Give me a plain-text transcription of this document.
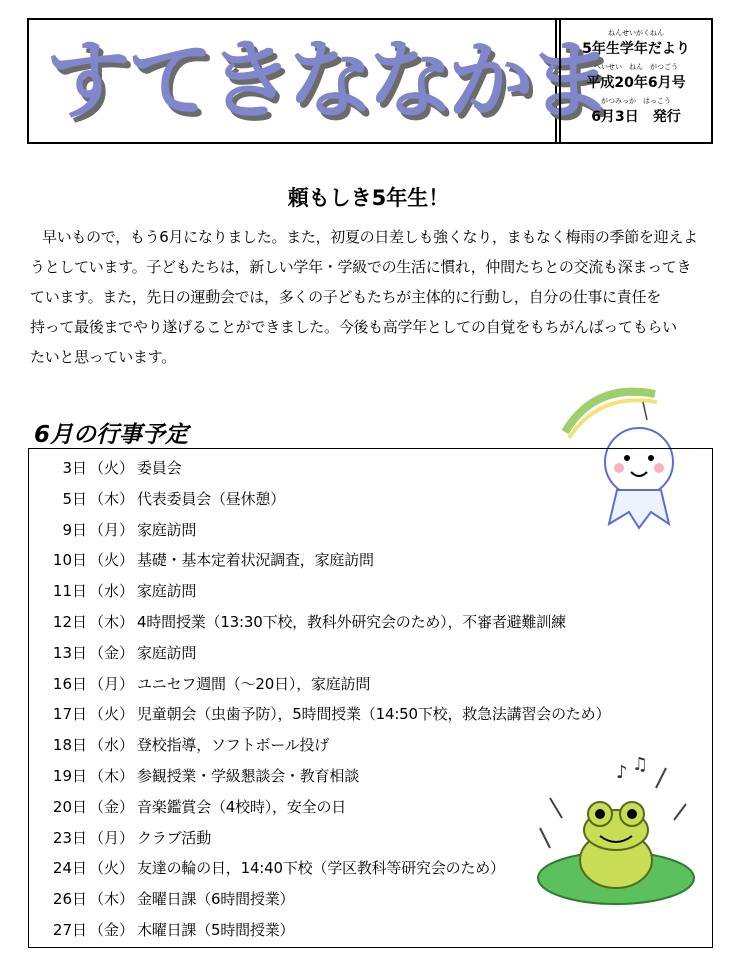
すてきななかま ねんせいがくねん
5年生学年だより
へいせい　ねん　がつごう
平成20年6月号
がつみっか　はっこう
6月3日　発行
頼もしき5年生！
早いもので，もう6月になりました。また，初夏の日差しも強くなり，まもなく梅雨の季節を迎えよ
うとしています。子どもたちは，新しい学年・学級での生活に慣れ，仲間たちとの交流も深まってき
ています。また，先日の運動会では，多くの子どもたちが主体的に行動し，自分の仕事に責任を
持って最後までやり遂げることができました。今後も高学年としての自覚をもちがんばってもらい
たいと思っています。
6月の行事予定
3日 （火） 委員会
5日 （木） 代表委員会（昼休憩）
9日 （月） 家庭訪問
10日 （火） 基礎・基本定着状況調査，家庭訪問
11日 （水） 家庭訪問
12日 （木） 4時間授業（13:30下校，教科外研究会のため），不審者避難訓練
13日 （金） 家庭訪問
16日 （月） ユニセフ週間（～20日），家庭訪問
17日 （火） 児童朝会（虫歯予防），5時間授業（14:50下校，救急法講習会のため）
18日 （水） 登校指導，ソフトボール投げ
19日 （木） 参観授業・学級懇談会・教育相談
20日 （金） 音楽鑑賞会（4校時），安全の日
23日 （月） クラブ活動
24日 （火） 友達の輪の日，14:40下校（学区教科等研究会のため）
26日 （木） 金曜日課（6時間授業）
27日 （金） 木曜日課（5時間授業）
♪ ♫
